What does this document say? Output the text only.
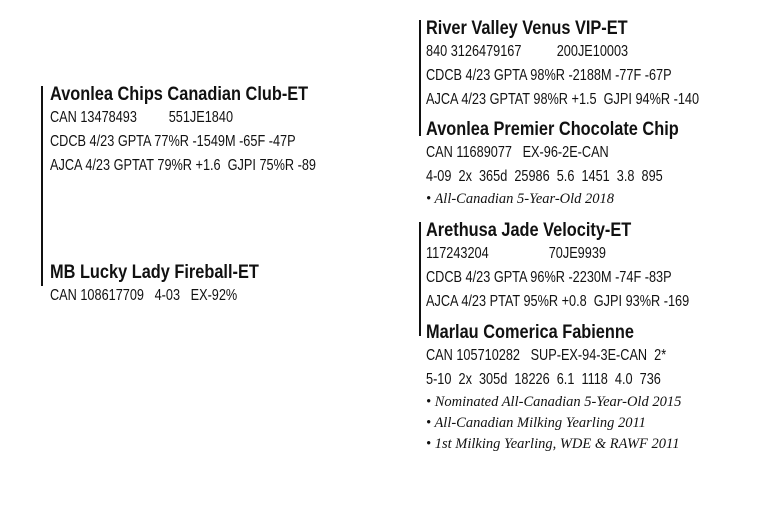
Avonlea Chips Canadian Club-ET
CAN 13478493         551JE1840
CDCB 4/23 GPTA 77%R -1549M -65F -47P
AJCA 4/23 GPTAT 79%R +1.6  GJPI 75%R -89
MB Lucky Lady Fireball-ET
CAN 108617709   4-03   EX-92%
River Valley Venus VIP-ET
840 3126479167          200JE10003
CDCB 4/23 GPTA 98%R -2188M -77F -67P
AJCA 4/23 GPTAT 98%R +1.5  GJPI 94%R -140
Avonlea Premier Chocolate Chip
CAN 11689077   EX-96-2E-CAN
4-09  2x  365d  25986  5.6  1451  3.8  895
• All-Canadian 5-Year-Old 2018
Arethusa Jade Velocity-ET
117243204                 70JE9939
CDCB 4/23 GPTA 96%R -2230M -74F -83P
AJCA 4/23 PTAT 95%R +0.8  GJPI 93%R -169
Marlau Comerica Fabienne
CAN 105710282   SUP-EX-94-3E-CAN  2*
5-10  2x  305d  18226  6.1  1118  4.0  736
• Nominated All-Canadian 5-Year-Old 2015
• All-Canadian Milking Yearling 2011
• 1st Milking Yearling, WDE & RAWF 2011
